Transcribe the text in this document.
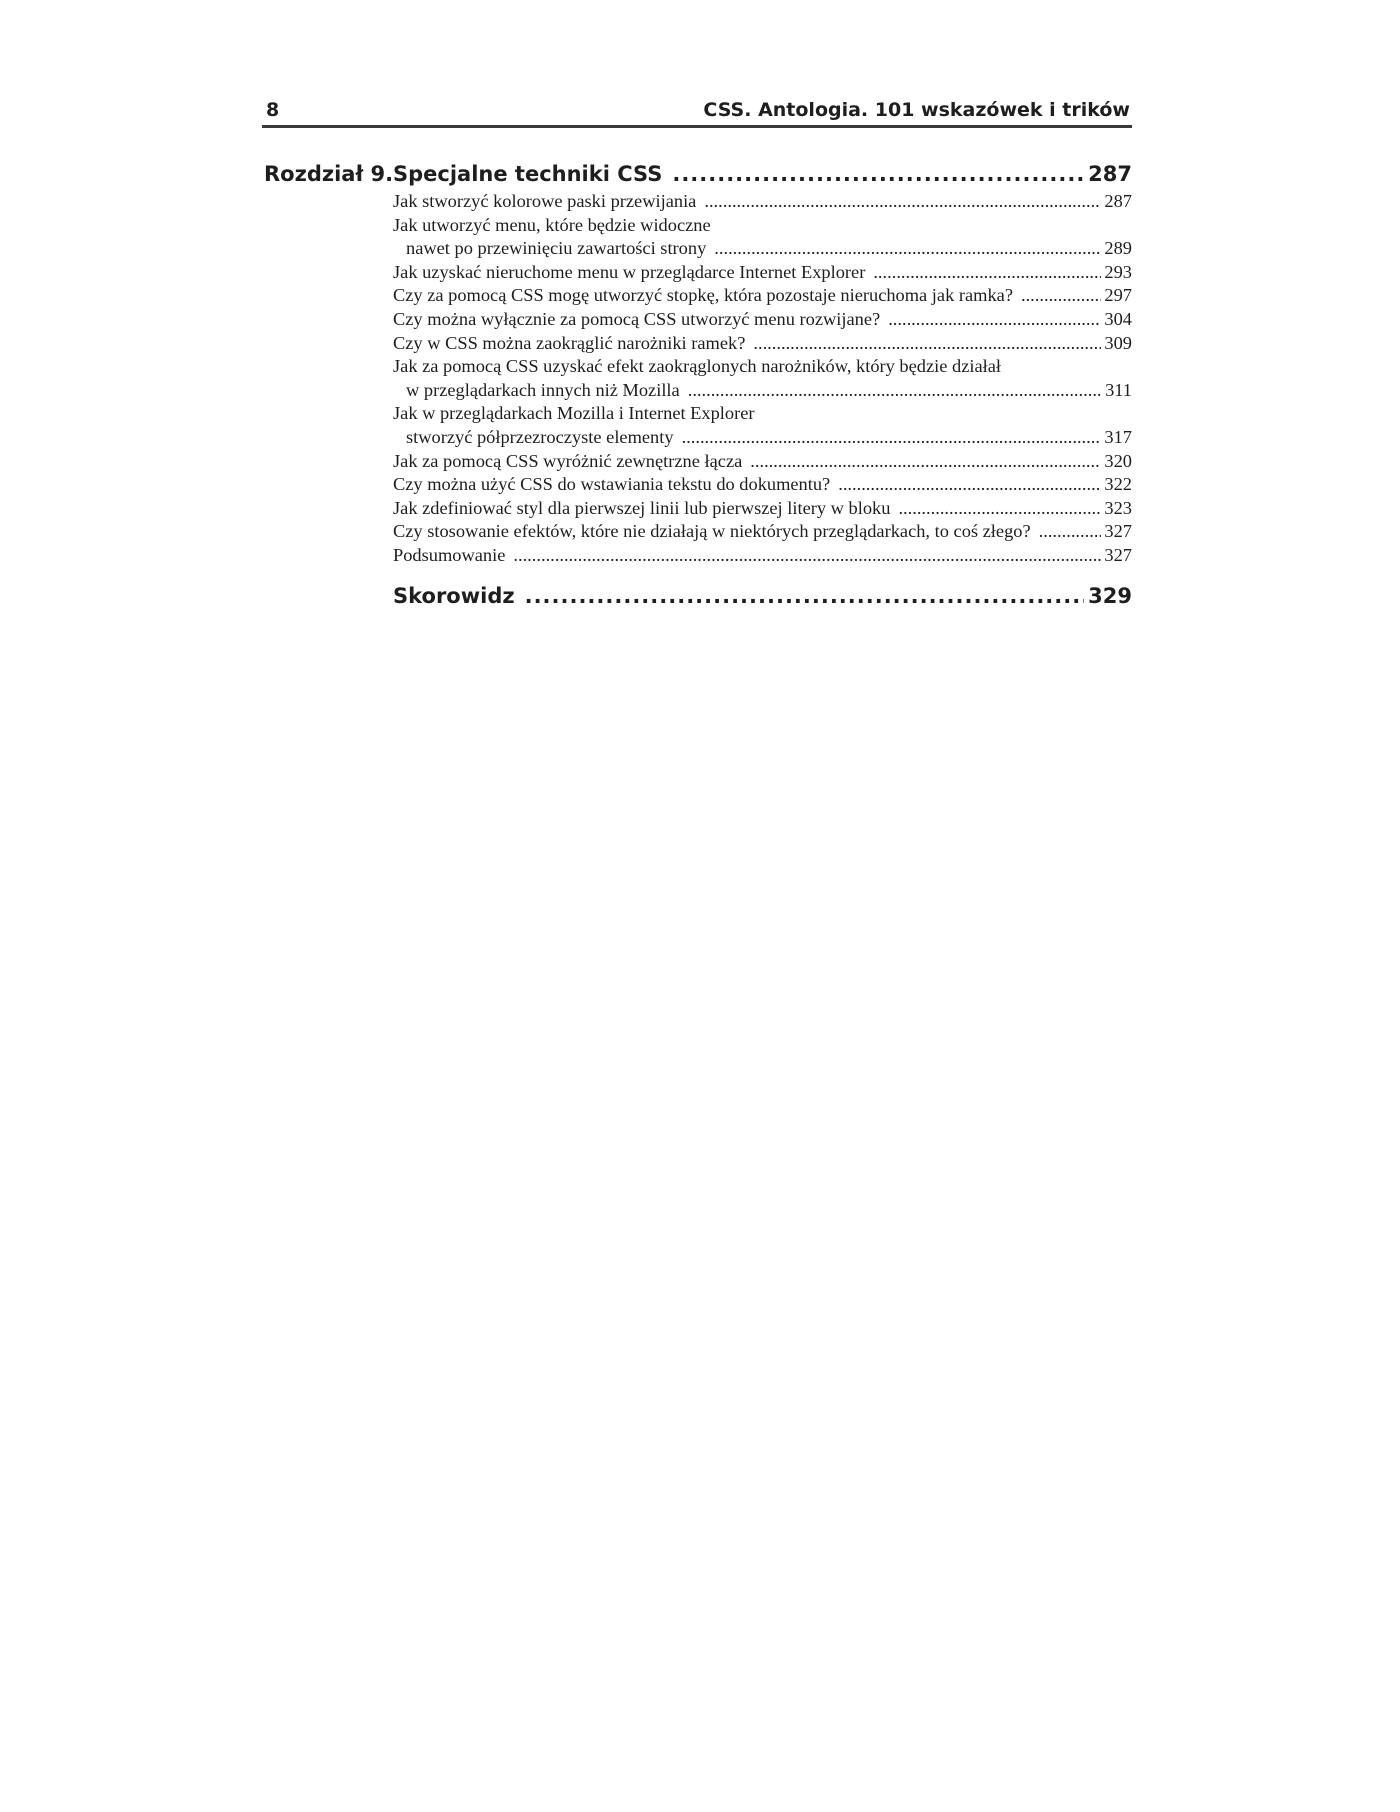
8	CSS. Antologia. 101 wskazówek i trików
Rozdział 9. Specjalne techniki CSS .....	287
Jak stworzyć kolorowe paski przewijania .....	287
Jak utworzyć menu, które będzie widoczne
nawet po przewinięciu zawartości strony .....	289
Jak uzyskać nieruchome menu w przeglądarce Internet Explorer .....	293
Czy za pomocą CSS mogę utworzyć stopkę, która pozostaje nieruchoma jak ramka? .....	297
Czy można wyłącznie za pomocą CSS utworzyć menu rozwijane? .....	304
Czy w CSS można zaokrąglić narożniki ramek? .....	309
Jak za pomocą CSS uzyskać efekt zaokrąglonych narożników, który będzie działał
w przeglądarkach innych niż Mozilla .....	311
Jak w przeglądarkach Mozilla i Internet Explorer
stworzyć półprzezroczyste elementy .....	317
Jak za pomocą CSS wyróżnić zewnętrzne łącza .....	320
Czy można użyć CSS do wstawiania tekstu do dokumentu? .....	322
Jak zdefiniować styl dla pierwszej linii lub pierwszej litery w bloku .....	323
Czy stosowanie efektów, które nie działają w niektórych przeglądarkach, to coś złego? .....	327
Podsumowanie .....	327
Skorowidz .....	329
